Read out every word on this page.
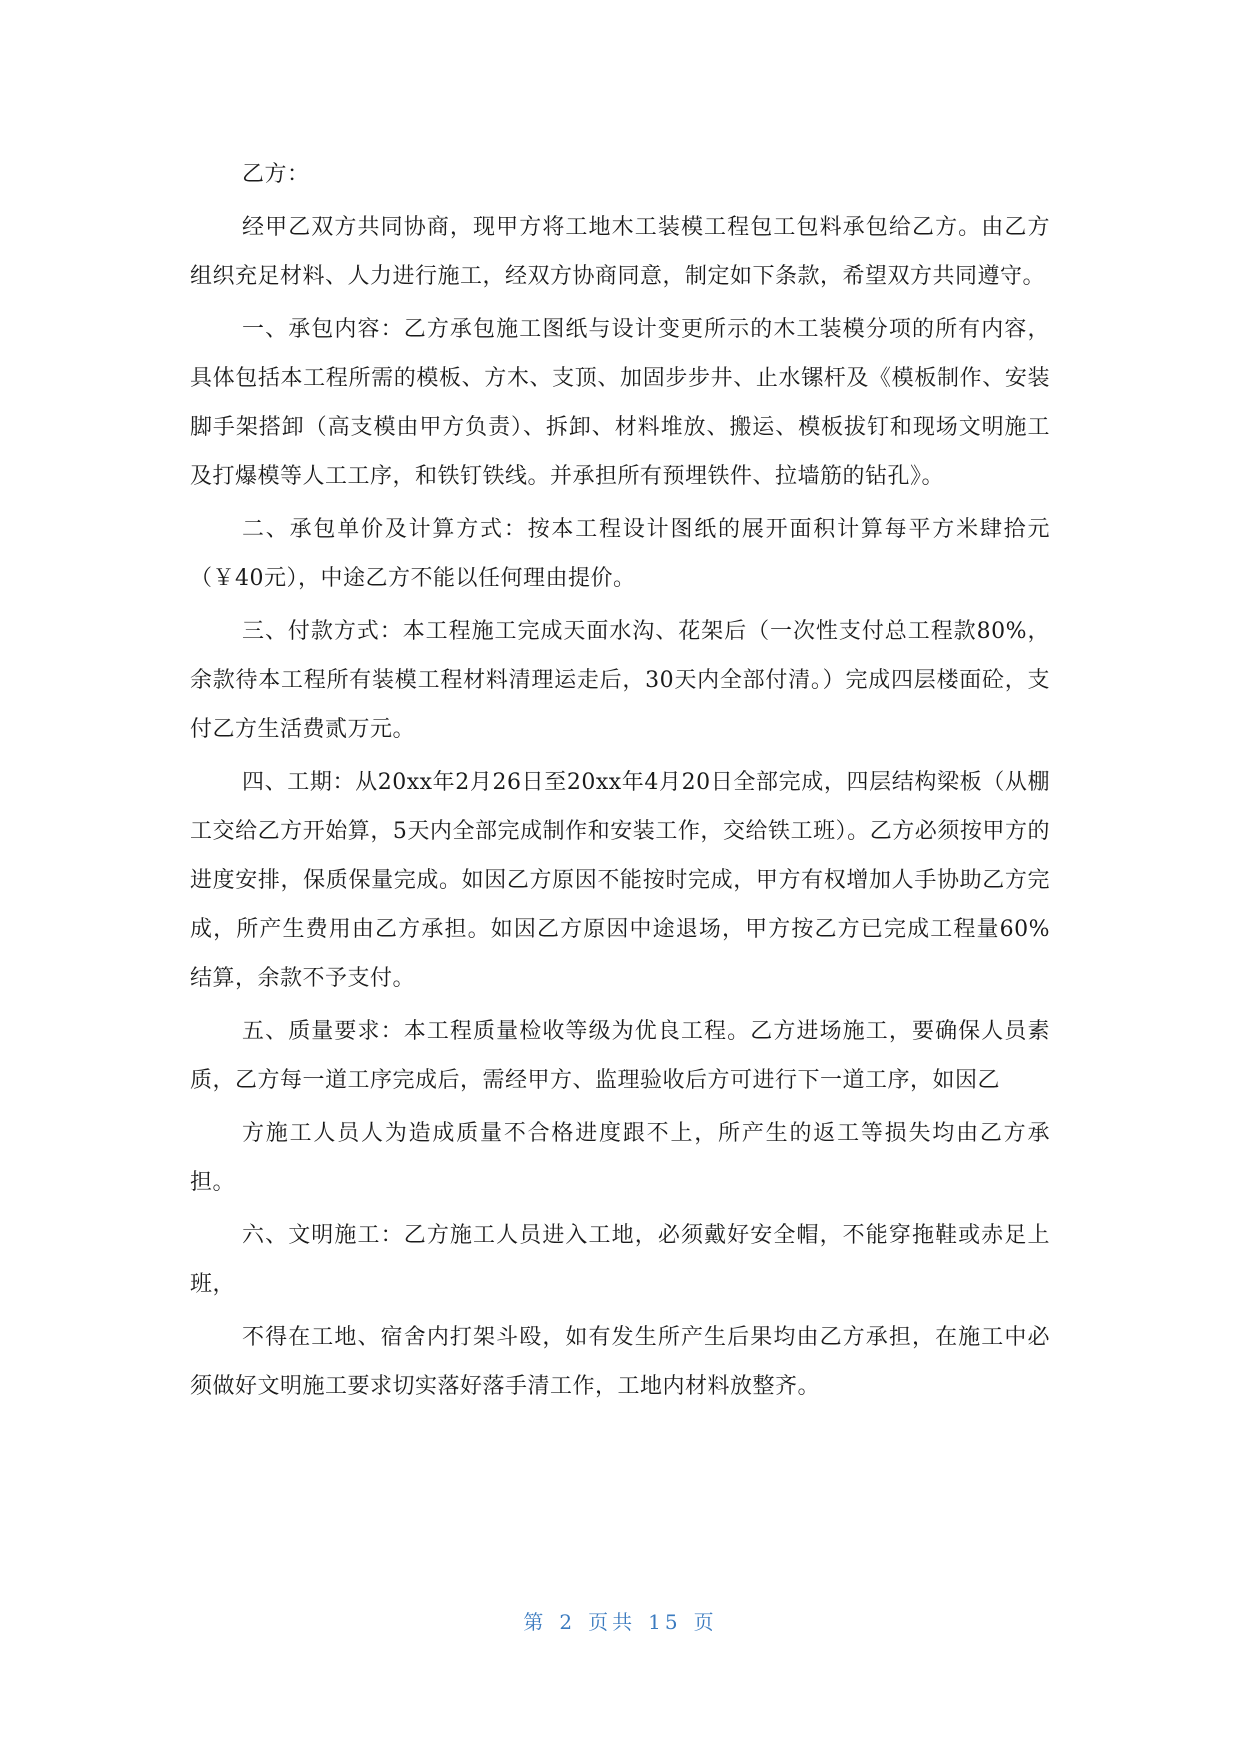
乙方：

经甲乙双方共同协商，现甲方将工地木工装模工程包工包料承包给乙方。由乙方组织充足材料、人力进行施工，经双方协商同意，制定如下条款，希望双方共同遵守。

一、承包内容：乙方承包施工图纸与设计变更所示的木工装模分项的所有内容，具体包括本工程所需的模板、方木、支顶、加固步步井、止水镙杆及《模板制作、安装脚手架搭卸（高支模由甲方负责）、拆卸、材料堆放、搬运、模板拔钉和现场文明施工及打爆模等人工工序，和铁钉铁线。并承担所有预埋铁件、拉墙筋的钻孔》。

二、承包单价及计算方式：按本工程设计图纸的展开面积计算每平方米肆拾元（￥40元），中途乙方不能以任何理由提价。

三、付款方式：本工程施工完成天面水沟、花架后（一次性支付总工程款80%，余款待本工程所有装模工程材料清理运走后，30天内全部付清。）完成四层楼面砼，支付乙方生活费贰万元。

四、工期：从20xx年2月26日至20xx年4月20日全部完成，四层结构梁板（从棚工交给乙方开始算，5天内全部完成制作和安装工作，交给铁工班）。乙方必须按甲方的进度安排，保质保量完成。如因乙方原因不能按时完成，甲方有权增加人手协助乙方完成，所产生费用由乙方承担。如因乙方原因中途退场，甲方按乙方已完成工程量60%结算，余款不予支付。

五、质量要求：本工程质量检收等级为优良工程。乙方进场施工，要确保人员素质，乙方每一道工序完成后，需经甲方、监理验收后方可进行下一道工序，如因乙

方施工人员人为造成质量不合格进度跟不上，所产生的返工等损失均由乙方承担。

六、文明施工：乙方施工人员进入工地，必须戴好安全帽，不能穿拖鞋或赤足上班，

不得在工地、宿舍内打架斗殴，如有发生所产生后果均由乙方承担，在施工中必须做好文明施工要求切实落好落手清工作，工地内材料放整齐。

第 2 页共 15 页
